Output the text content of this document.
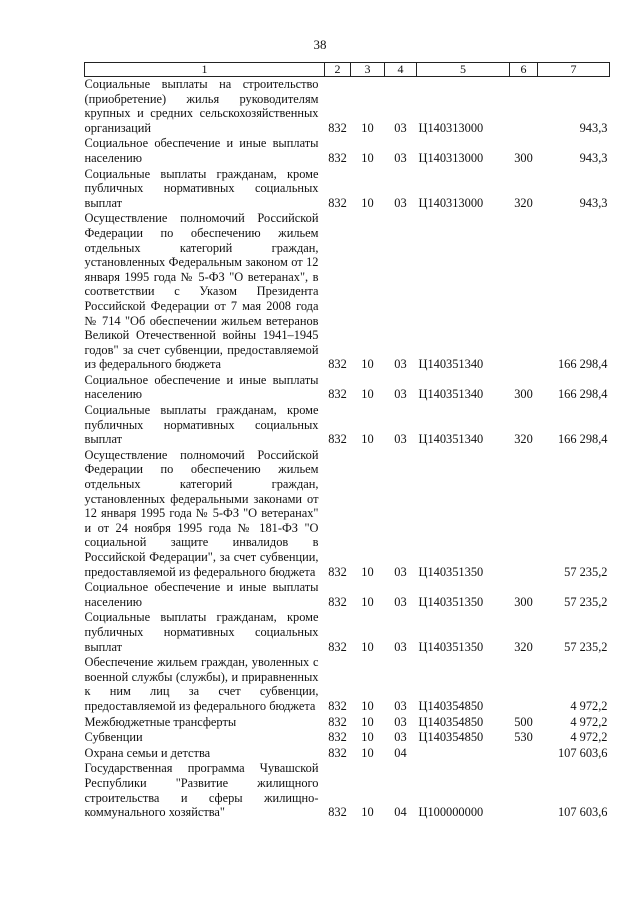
38
1	2	3	4	5	6	7
Социальные выплаты на строительство (приобретение) жилья руководителям крупных и средних сельскохозяйственных организаций	832	10	03	Ц140313000		943,3
Социальное обеспечение и иные выплаты населению	832	10	03	Ц140313000	300	943,3
Социальные выплаты гражданам, кроме публичных нормативных социальных выплат	832	10	03	Ц140313000	320	943,3
Осуществление полномочий Российской Федерации по обеспечению жильем отдельных категорий граждан, установленных Федеральным законом от 12 января 1995 года № 5-ФЗ "О ветеранах", в соответствии с Указом Президента Российской Федерации от 7 мая 2008 года № 714 "Об обеспечении жильем ветеранов Великой Отечественной войны 1941–1945 годов" за счет субвенции, предоставляемой из федерального бюджета	832	10	03	Ц140351340		166 298,4
Социальное обеспечение и иные выплаты населению	832	10	03	Ц140351340	300	166 298,4
Социальные выплаты гражданам, кроме публичных нормативных социальных выплат	832	10	03	Ц140351340	320	166 298,4
Осуществление полномочий Российской Федерации по обеспечению жильем отдельных категорий граждан, установленных федеральными законами от 12 января 1995 года № 5-ФЗ "О ветеранах" и от 24 ноября 1995 года № 181-ФЗ "О социальной защите инвалидов в Российской Федерации", за счет субвенции, предоставляемой из федерального бюджета	832	10	03	Ц140351350		57 235,2
Социальное обеспечение и иные выплаты населению	832	10	03	Ц140351350	300	57 235,2
Социальные выплаты гражданам, кроме публичных нормативных социальных выплат	832	10	03	Ц140351350	320	57 235,2
Обеспечение жильем граждан, уволенных с военной службы (службы), и приравненных к ним лиц за счет субвенции, предоставляемой из федерального бюджета	832	10	03	Ц140354850		4 972,2
Межбюджетные трансферты	832	10	03	Ц140354850	500	4 972,2
Субвенции	832	10	03	Ц140354850	530	4 972,2
Охрана семьи и детства	832	10	04			107 603,6
Государственная программа Чувашской Республики "Развитие жилищного строительства и сферы жилищно-коммунального хозяйства"	832	10	04	Ц100000000		107 603,6
